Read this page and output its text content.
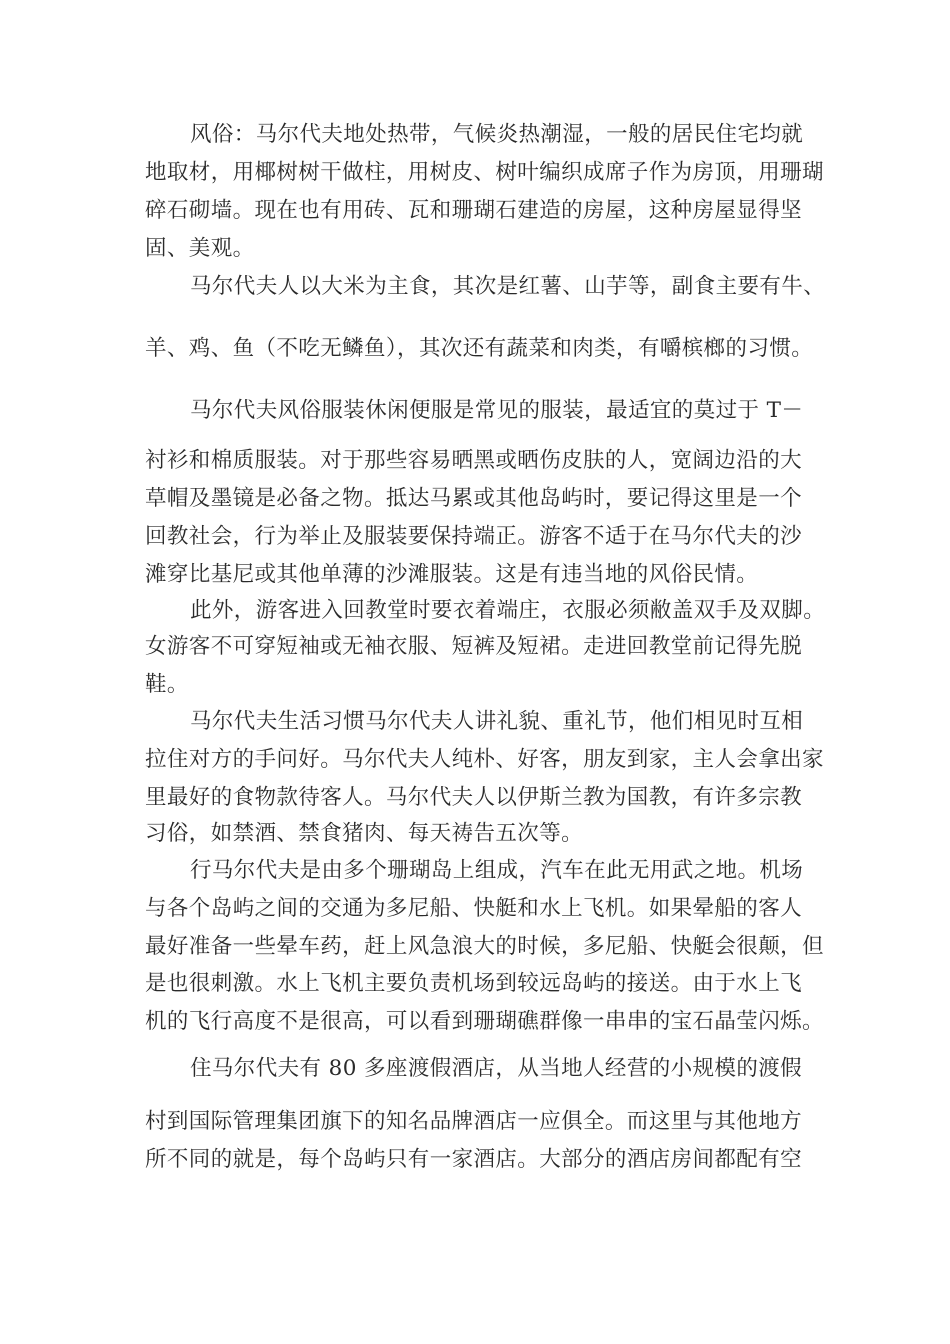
风俗：马尔代夫地处热带，气候炎热潮湿，一般的居民住宅均就
地取材，用椰树树干做柱，用树皮、树叶编织成席子作为房顶，用珊瑚
碎石砌墙。现在也有用砖、瓦和珊瑚石建造的房屋，这种房屋显得坚
固、美观。
马尔代夫人以大米为主食，其次是红薯、山芋等，副食主要有牛、
羊、鸡、鱼（不吃无鳞鱼），其次还有蔬菜和肉类，有嚼槟榔的习惯。
马尔代夫风俗服装休闲便服是常见的服装，最适宜的莫过于 T－
衬衫和棉质服装。对于那些容易晒黑或晒伤皮肤的人，宽阔边沿的大
草帽及墨镜是必备之物。抵达马累或其他岛屿时，要记得这里是一个
回教社会，行为举止及服装要保持端正。游客不适于在马尔代夫的沙
滩穿比基尼或其他单薄的沙滩服装。这是有违当地的风俗民情。
此外，游客进入回教堂时要衣着端庄，衣服必须敝盖双手及双脚。
女游客不可穿短袖或无袖衣服、短裤及短裙。走进回教堂前记得先脱
鞋。
马尔代夫生活习惯马尔代夫人讲礼貌、重礼节，他们相见时互相
拉住对方的手问好。马尔代夫人纯朴、好客，朋友到家，主人会拿出家
里最好的食物款待客人。马尔代夫人以伊斯兰教为国教，有许多宗教
习俗，如禁酒、禁食猪肉、每天祷告五次等。
行马尔代夫是由多个珊瑚岛上组成，汽车在此无用武之地。机场
与各个岛屿之间的交通为多尼船、快艇和水上飞机。如果晕船的客人
最好准备一些晕车药，赶上风急浪大的时候，多尼船、快艇会很颠，但
是也很刺激。水上飞机主要负责机场到较远岛屿的接送。由于水上飞
机的飞行高度不是很高，可以看到珊瑚礁群像一串串的宝石晶莹闪烁。
住马尔代夫有 80 多座渡假酒店，从当地人经营的小规模的渡假
村到国际管理集团旗下的知名品牌酒店一应俱全。而这里与其他地方
所不同的就是，每个岛屿只有一家酒店。大部分的酒店房间都配有空
